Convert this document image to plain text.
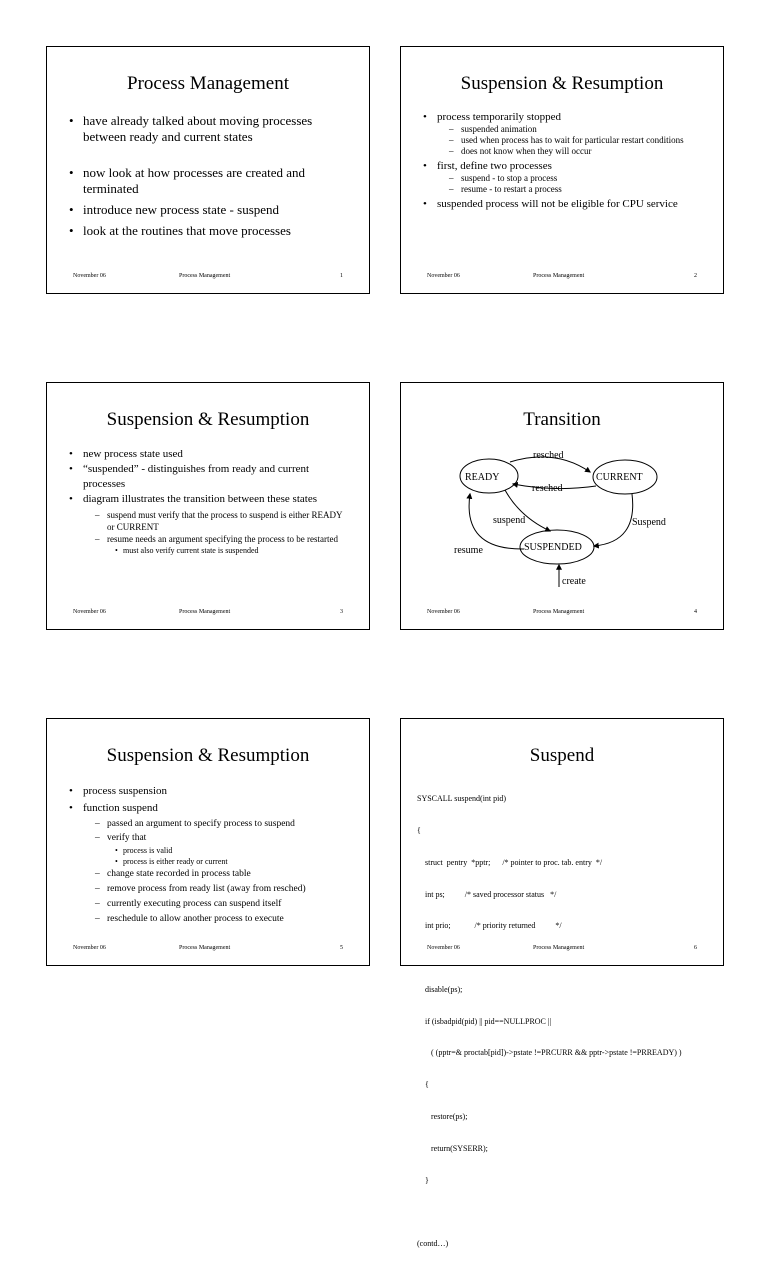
Process Management
• have already talked about moving processes between ready and current states
• now look at how processes are created and terminated
• introduce new process state - suspend
• look at the routines that move processes
November 06	Process Management	1
Suspension & Resumption
• process temporarily stopped
– suspended animation
– used when process has to wait for particular restart conditions
– does not know when they will occur
• first, define two processes
– suspend - to stop a process
– resume - to restart a process
• suspended process will not be eligible for CPU service
November 06	Process Management	2
Suspension & Resumption
• new process state used
• “suspended” - distinguishes from ready and current processes
• diagram illustrates the transition between these states
– suspend must verify that the process to suspend is either READY or CURRENT
– resume needs an argument specifying the process to be restarted
• must also verify current state is suspended
November 06	Process Management	3
Transition
READY	CURRENT
SUSPENDED
resched
resched
suspend	Suspend
resume
create
November 06	Process Management	4
Suspension & Resumption
• process suspension
• function suspend
– passed an argument to specify process to suspend
– verify that
• process is valid
• process is either ready or current
– change state recorded in process table
– remove process from ready list (away from resched)
– currently executing process can suspend itself
– reschedule to allow another process to execute
November 06	Process Management	5
Suspend

SYSCALL suspend(int pid)

{

struct  pentry  *pptr;      /* pointer to proc. tab. entry  */

int ps;          /* saved processor status   */

int prio;            /* priority returned          */

disable(ps);

if (isbadpid(pid) || pid==NULLPROC ||

( (pptr=& proctab[pid])->pstate !=PRCURR && pptr->pstate !=PRREADY) )

{

restore(ps);

return(SYSERR);

}

(contd…)

November 06	Process Management	6
